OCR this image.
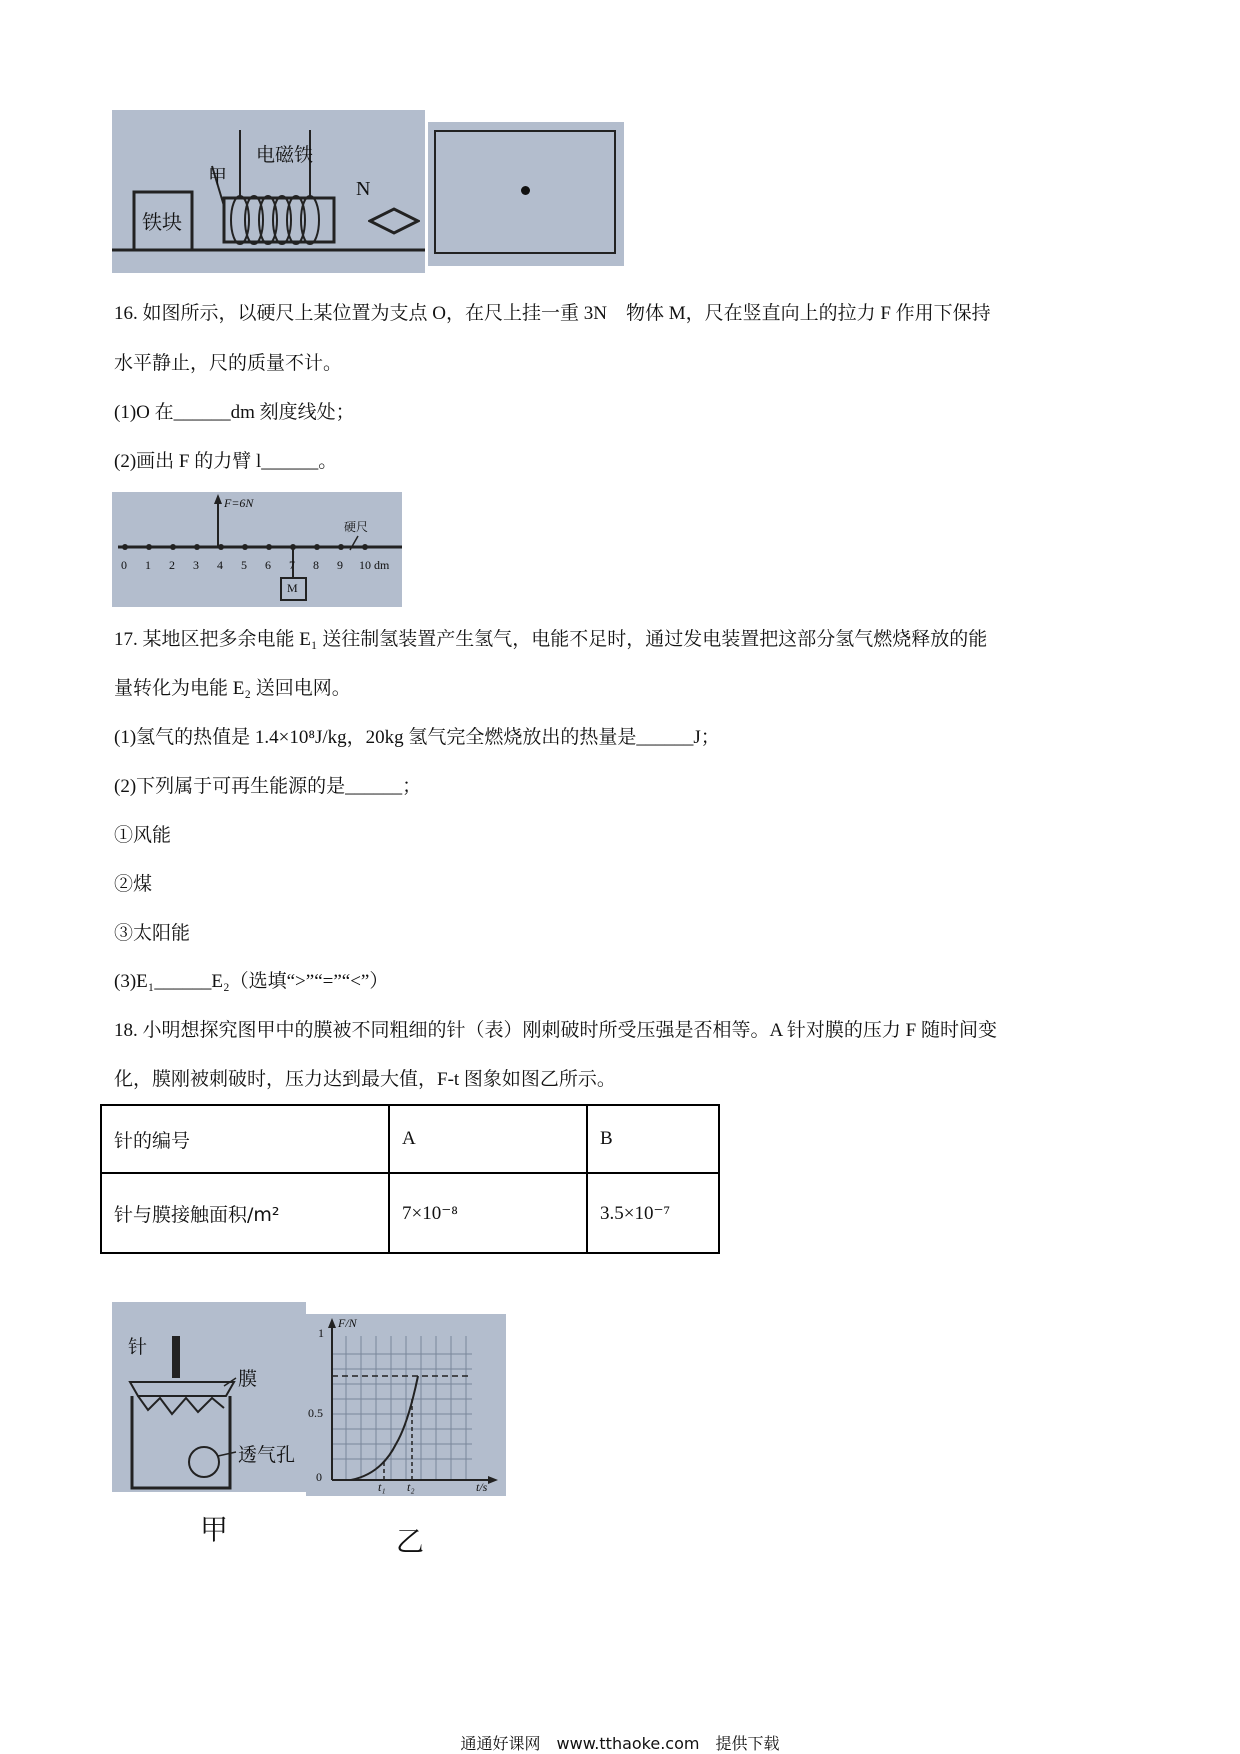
铁块
甲
电磁铁
N
16. 如图所示，以硬尺上某位置为支点 O，在尺上挂一重 3N　物体 M，尺在竖直向上的拉力 F 作用下保持
水平静止，尺的质量不计。
(1)O 在______dm 刻度线处；
(2)画出 F 的力臂 l______。
F=6N
硬尺
M
0 1 2 3 4 5 6 7 8 9 10 dm
17. 某地区把多余电能 E₁ 送往制氢装置产生氢气，电能不足时，通过发电装置把这部分氢气燃烧释放的能
量转化为电能 E₂ 送回电网。
(1)氢气的热值是 1.4×10⁸J/kg，20kg 氢气完全燃烧放出的热量是______J；
(2)下列属于可再生能源的是______；
①风能
②煤
③太阳能
(3)E₁______E₂（选填“>”“=”“<”）
18. 小明想探究图甲中的膜被不同粗细的针（表）刚刺破时所受压强是否相等。A 针对膜的压力 F 随时间变
化，膜刚被刺破时，压力达到最大值，F-t 图象如图乙所示。
针的编号	A	B
针与膜接触面积/m²	7×10⁻⁸	3.5×10⁻⁷
针
膜
透气孔
F/N
t/s
1
0.5
0
t₁ t₂
甲	乙
通通好课网　www.tthaoke.com　提供下载
